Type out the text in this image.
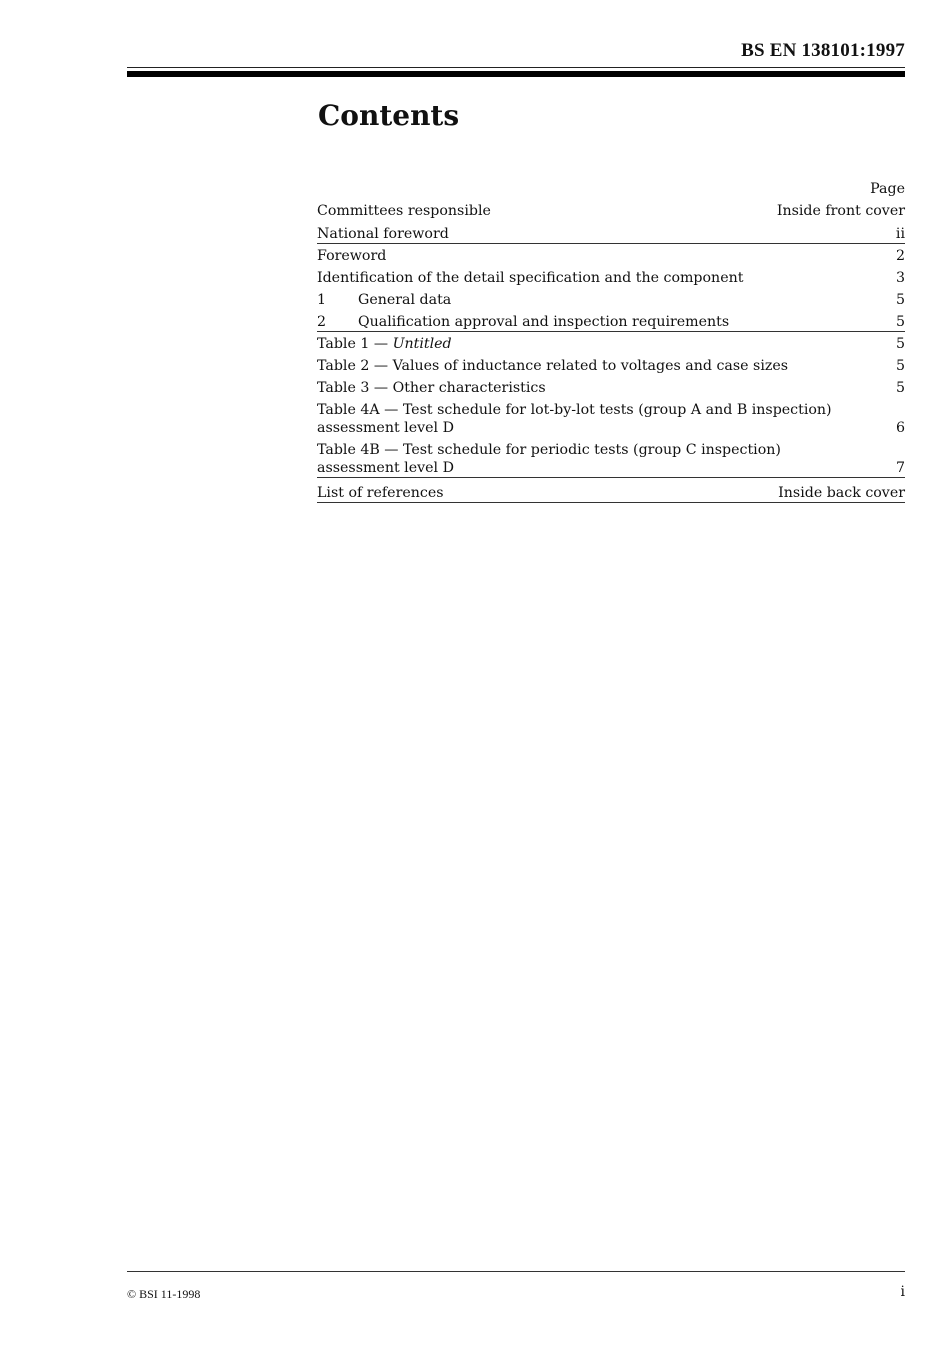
BS EN 138101:1997
Contents
Page
Committees responsible	Inside front cover
National foreword	ii
Foreword	2
Identification of the detail specification and the component	3
1 General data	5
2 Qualification approval and inspection requirements	5
Table 1 — Untitled	5
Table 2 — Values of inductance related to voltages and case sizes	5
Table 3 — Other characteristics	5
Table 4A — Test schedule for lot-by-lot tests (group A and B inspection)
assessment level D	6
Table 4B — Test schedule for periodic tests (group C inspection)
assessment level D	7
List of references	Inside back cover
© BSI 11-1998	i
